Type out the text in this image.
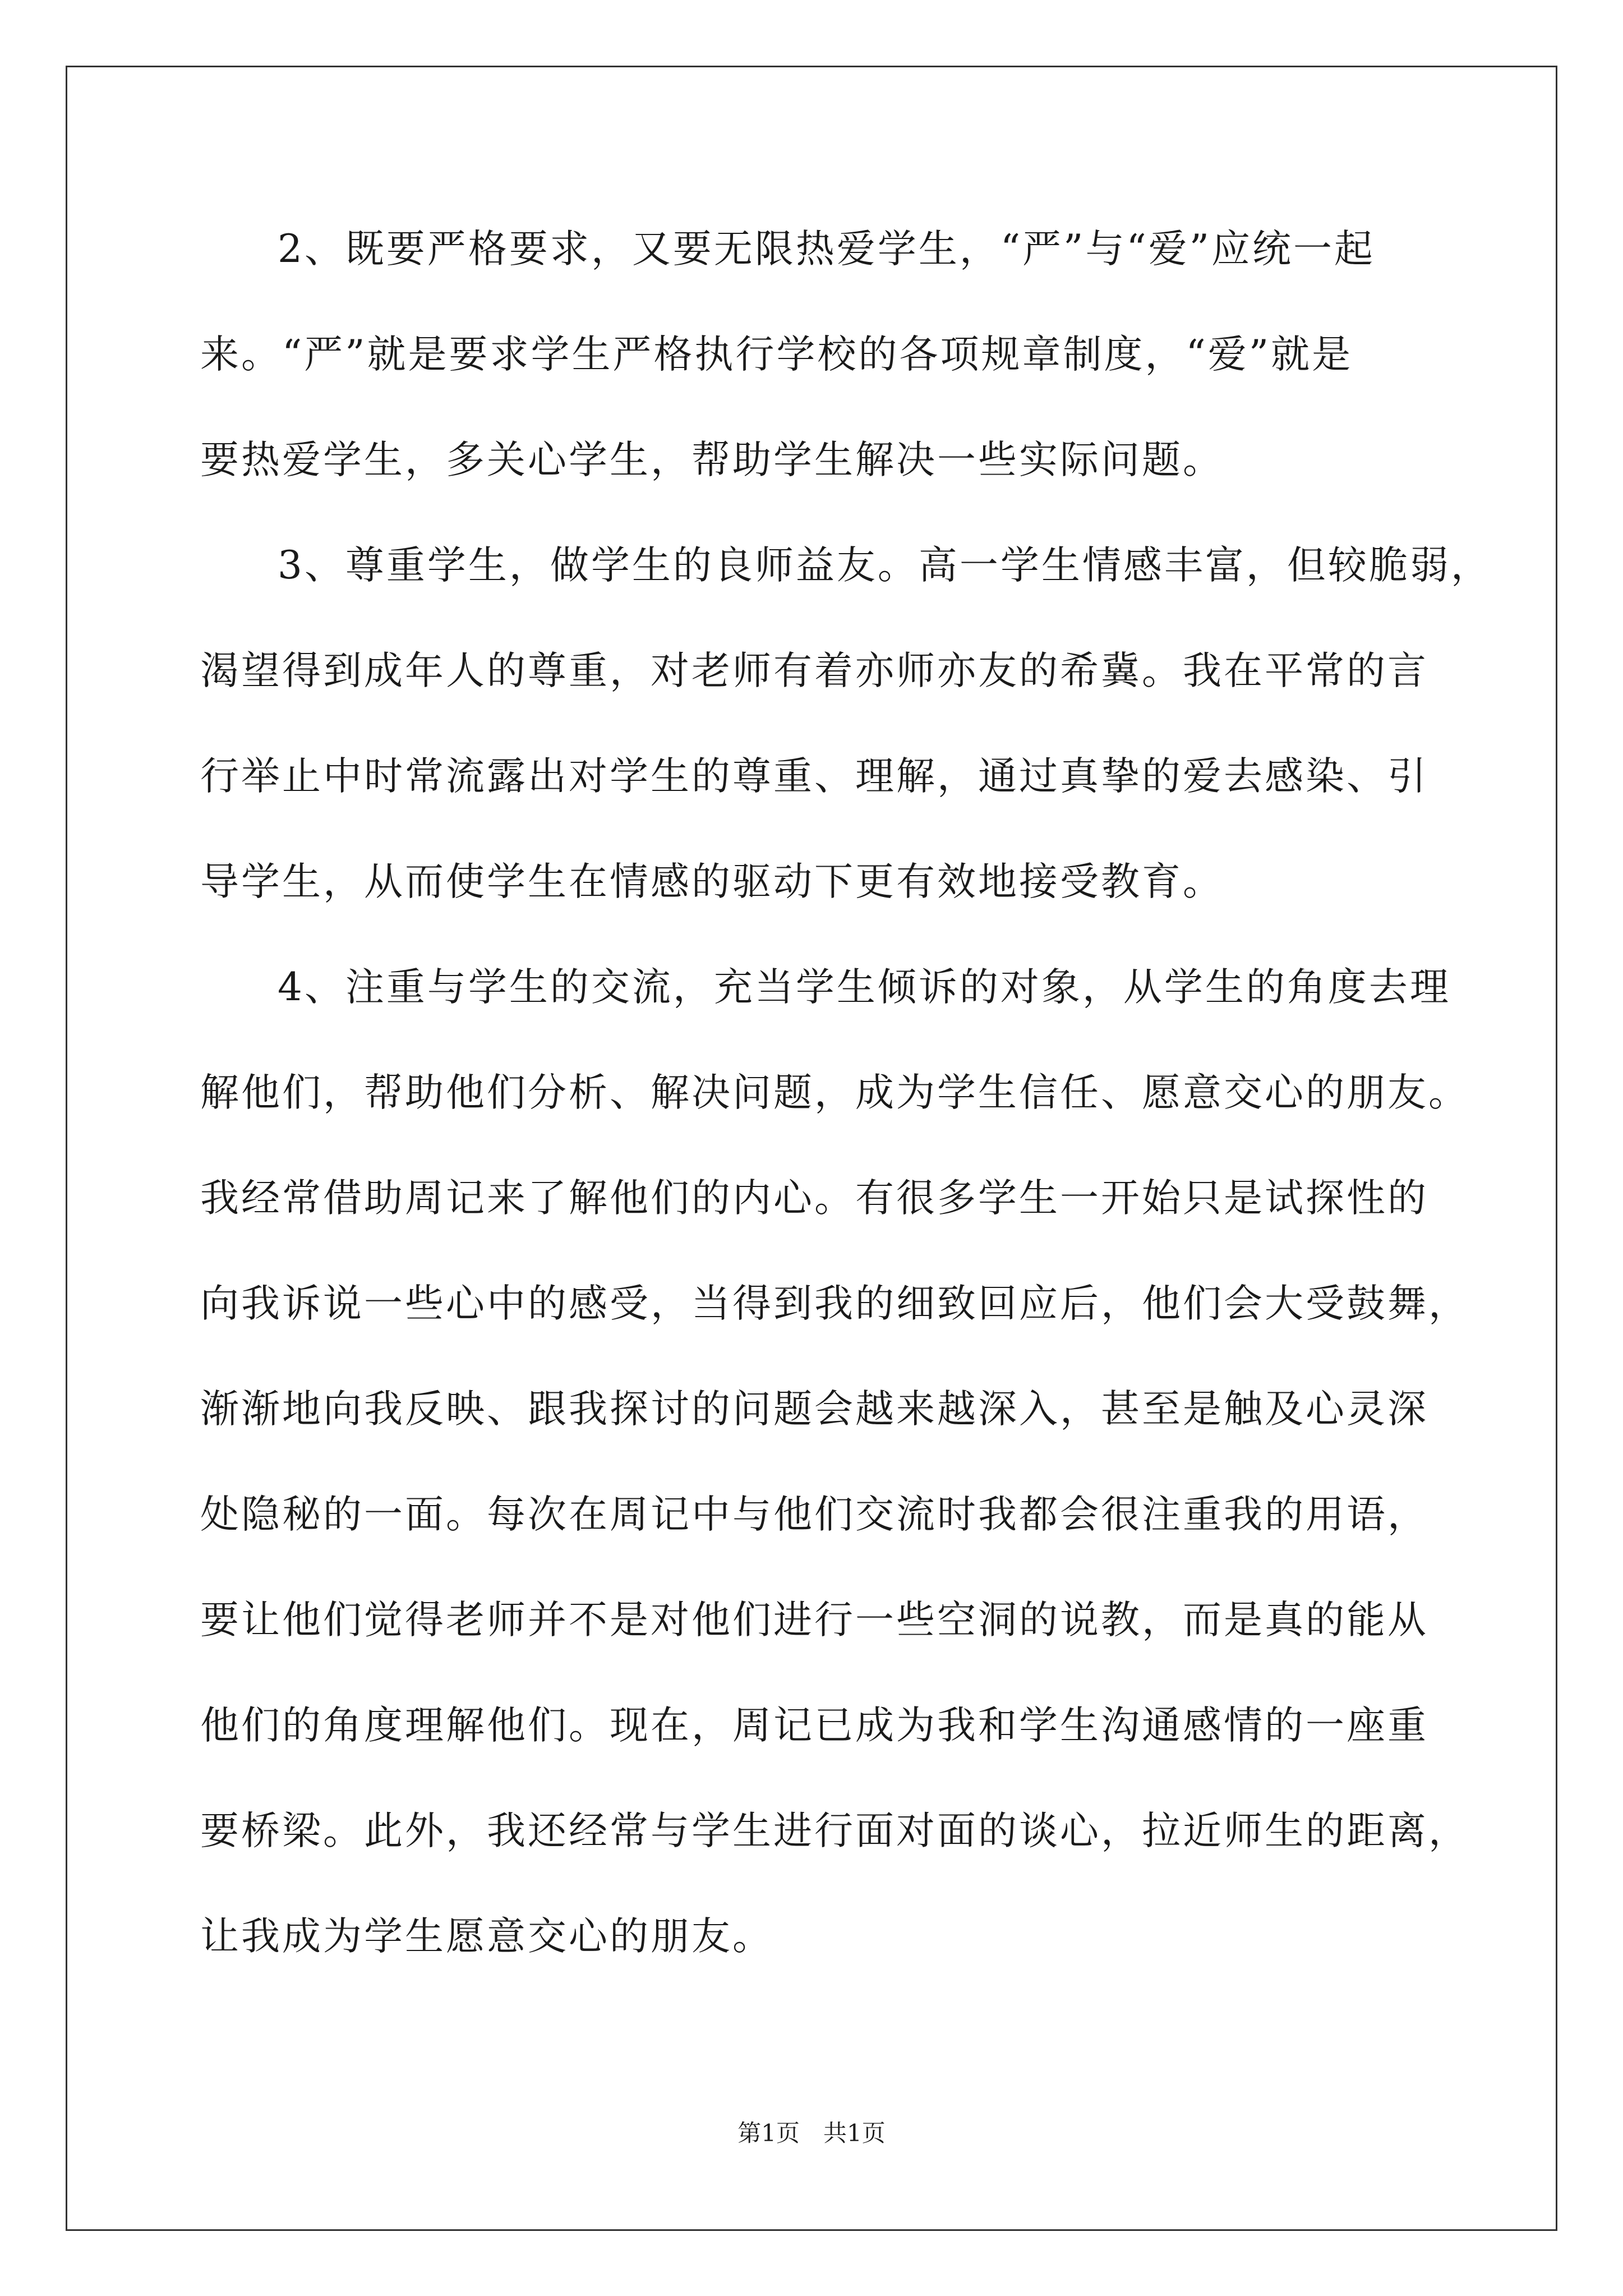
2、既要严格要求，又要无限热爱学生，“严”与“爱”应统一起
来。“严”就是要求学生严格执行学校的各项规章制度，“爱”就是
要热爱学生，多关心学生，帮助学生解决一些实际问题。
3、尊重学生，做学生的良师益友。高一学生情感丰富，但较脆弱，
渴望得到成年人的尊重，对老师有着亦师亦友的希冀。我在平常的言
行举止中时常流露出对学生的尊重、理解，通过真挚的爱去感染、引
导学生，从而使学生在情感的驱动下更有效地接受教育。
4、注重与学生的交流，充当学生倾诉的对象，从学生的角度去理
解他们，帮助他们分析、解决问题，成为学生信任、愿意交心的朋友。
我经常借助周记来了解他们的内心。有很多学生一开始只是试探性的
向我诉说一些心中的感受，当得到我的细致回应后，他们会大受鼓舞，
渐渐地向我反映、跟我探讨的问题会越来越深入，甚至是触及心灵深
处隐秘的一面。每次在周记中与他们交流时我都会很注重我的用语，
要让他们觉得老师并不是对他们进行一些空洞的说教，而是真的能从
他们的角度理解他们。现在，周记已成为我和学生沟通感情的一座重
要桥梁。此外，我还经常与学生进行面对面的谈心，拉近师生的距离，
让我成为学生愿意交心的朋友。
第1页　共1页
